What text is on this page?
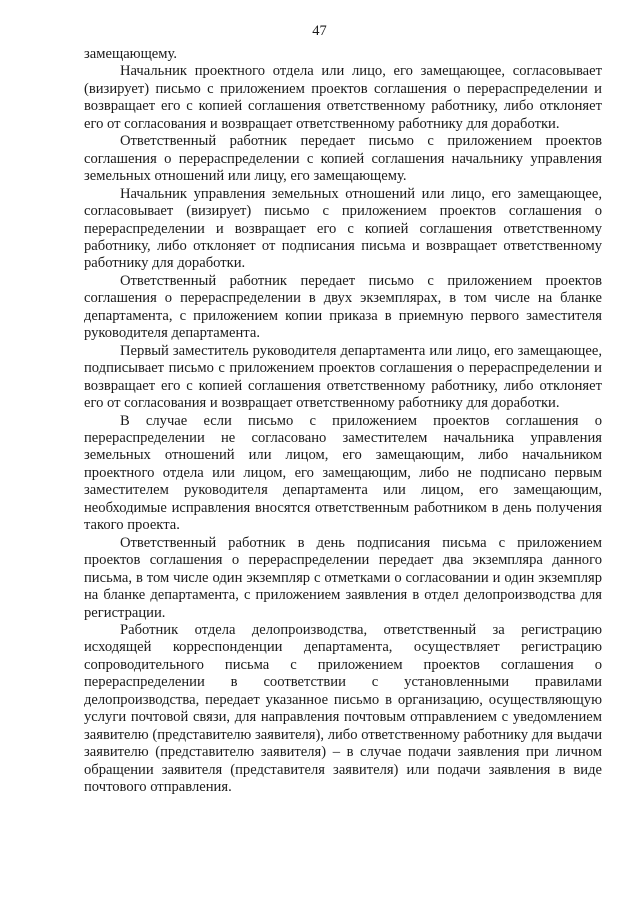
47

замещающему.

Начальник проектного отдела или лицо, его замещающее, согласовывает (визирует) письмо с приложением проектов соглашения о перераспределении и возвращает его с копией соглашения ответственному работнику, либо отклоняет его от согласования и возвращает ответственному работнику для доработки.

Ответственный работник передает письмо с приложением проектов соглашения о перераспределении с копией соглашения начальнику управления земельных отношений или лицу, его замещающему.

Начальник управления земельных отношений или лицо, его замещающее, согласовывает (визирует) письмо с приложением проектов соглашения о перераспределении и возвращает его с копией соглашения ответственному работнику, либо отклоняет от подписания письма и возвращает ответственному работнику для доработки.

Ответственный работник передает письмо с приложением проектов соглашения о перераспределении в двух экземплярах, в том числе на бланке департамента, с приложением копии приказа в приемную первого заместителя руководителя департамента.

Первый заместитель руководителя департамента или лицо, его замещающее, подписывает письмо с приложением проектов соглашения о перераспределении и возвращает его с копией соглашения ответственному работнику, либо отклоняет его от согласования и возвращает ответственному работнику для доработки.

В случае если письмо с приложением проектов соглашения о перераспределении не согласовано заместителем начальника управления земельных отношений или лицом, его замещающим, либо начальником проектного отдела или лицом, его замещающим, либо не подписано первым заместителем руководителя департамента или лицом, его замещающим, необходимые исправления вносятся ответственным работником в день получения такого проекта.

Ответственный работник в день подписания письма с приложением проектов соглашения о перераспределении передает два экземпляра данного письма, в том числе один экземпляр с отметками о согласовании и один экземпляр на бланке департамента, с приложением заявления в отдел делопроизводства для регистрации.

Работник отдела делопроизводства, ответственный за регистрацию исходящей корреспонденции департамента, осуществляет регистрацию сопроводительного письма с приложением проектов соглашения о перераспределении в соответствии с установленными правилами делопроизводства, передает указанное письмо в организацию, осуществляющую услуги почтовой связи, для направления почтовым отправлением с уведомлением заявителю (представителю заявителя), либо ответственному работнику для выдачи заявителю (представителю заявителя) – в случае подачи заявления при личном обращении заявителя (представителя заявителя) или подачи заявления в виде почтового отправления.
